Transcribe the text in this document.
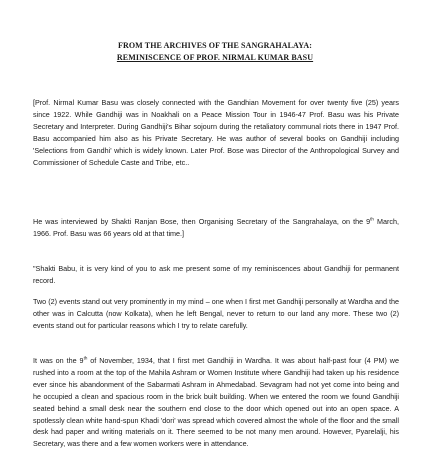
FROM THE ARCHIVES OF THE SANGRAHALAYA:
REMINISCENCE OF PROF. NIRMAL KUMAR BASU

[Prof. Nirmal Kumar Basu was closely connected with the Gandhian Movement for over twenty five (25) years since 1922. While Gandhiji was in Noakhali on a Peace Mission Tour in 1946-47 Prof. Basu was his Private Secretary and Interpreter. During Gandhiji's Bihar sojourn during the retaliatory communal riots there in 1947 Prof. Basu accompanied him also as his Private Secretary. He was author of several books on Gandhiji including 'Selections from Gandhi' which is widely known. Later Prof. Bose was Director of the Anthropological Survey and Commissioner of Schedule Caste and Tribe, etc..

He was interviewed by Shakti Ranjan Bose, then Organising Secretary of the Sangrahalaya, on the 9th March, 1966. Prof. Basu was 66 years old at that time.]

"Shakti Babu, it is very kind of you to ask me present some of my reminiscences about Gandhiji for permanent record.

Two (2) events stand out very prominently in my mind – one when I first met Gandhiji personally at Wardha and the other was in Calcutta (now Kolkata), when he left Bengal, never to return to our land any more. These two (2) events stand out for particular reasons which I try to relate carefully.

It was on the 9th of November, 1934, that I first met Gandhiji in Wardha. It was about half-past four (4 PM) we rushed into a room at the top of the Mahila Ashram or Women Institute where Gandhiji had taken up his residence ever since his abandonment of the Sabarmati Ashram in Ahmedabad. Sevagram had not yet come into being and he occupied a clean and spacious room in the brick built building. When we entered the room we found Gandhiji seated behind a small desk near the southern end close to the door which opened out into an open space. A spotlessly clean white hand-spun Khadi 'dori' was spread which covered almost the whole of the floor and the small desk had paper and writing materials on it. There seemed to be not many men around. However, Pyarelalji, his Secretary, was there and a few women workers were in attendance.
